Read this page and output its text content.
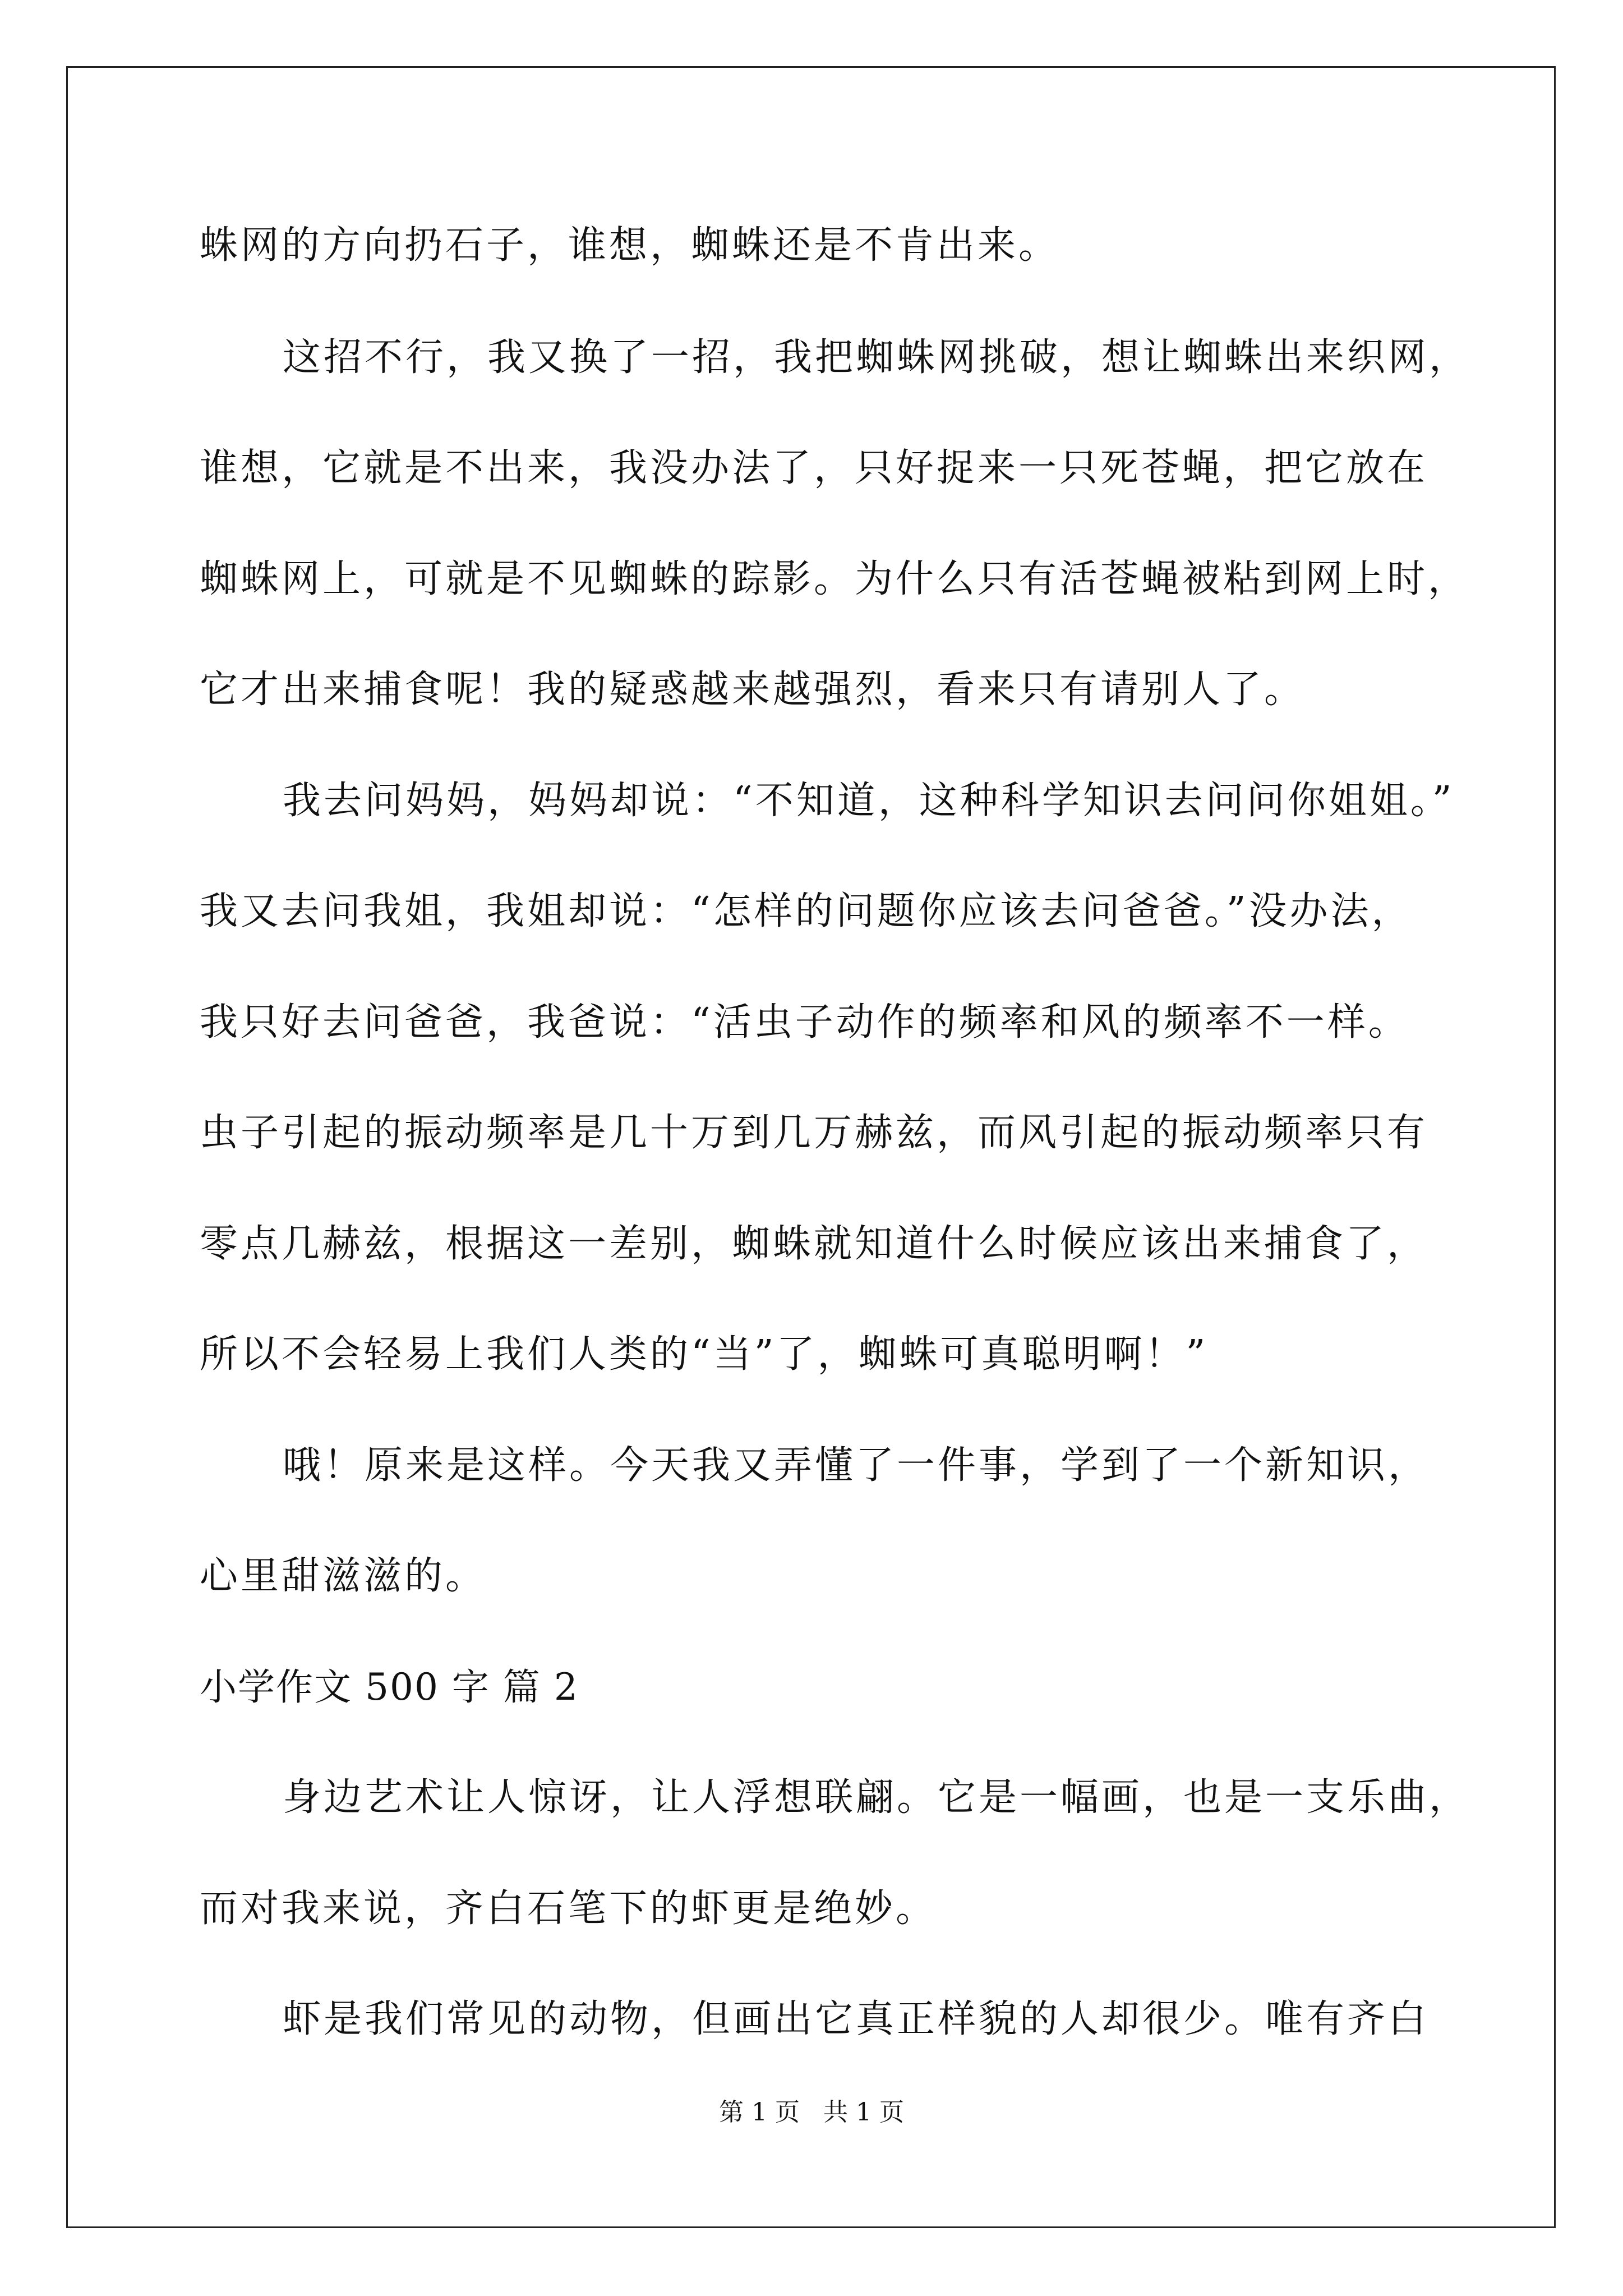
蛛网的方向扔石子，谁想，蜘蛛还是不肯出来。
这招不行，我又换了一招，我把蜘蛛网挑破，想让蜘蛛出来织网，
谁想，它就是不出来，我没办法了，只好捉来一只死苍蝇，把它放在
蜘蛛网上，可就是不见蜘蛛的踪影。为什么只有活苍蝇被粘到网上时，
它才出来捕食呢！我的疑惑越来越强烈，看来只有请别人了。
我去问妈妈，妈妈却说：“不知道，这种科学知识去问问你姐姐。”
我又去问我姐，我姐却说：“怎样的问题你应该去问爸爸。”没办法，
我只好去问爸爸，我爸说：“活虫子动作的频率和风的频率不一样。
虫子引起的振动频率是几十万到几万赫兹，而风引起的振动频率只有
零点几赫兹，根据这一差别，蜘蛛就知道什么时候应该出来捕食了，
所以不会轻易上我们人类的“当”了，蜘蛛可真聪明啊！”
哦！原来是这样。今天我又弄懂了一件事，学到了一个新知识，
心里甜滋滋的。
小学作文 500 字 篇 2
身边艺术让人惊讶，让人浮想联翩。它是一幅画，也是一支乐曲，
而对我来说，齐白石笔下的虾更是绝妙。
虾是我们常见的动物，但画出它真正样貌的人却很少。唯有齐白
第 1 页   共 1 页
